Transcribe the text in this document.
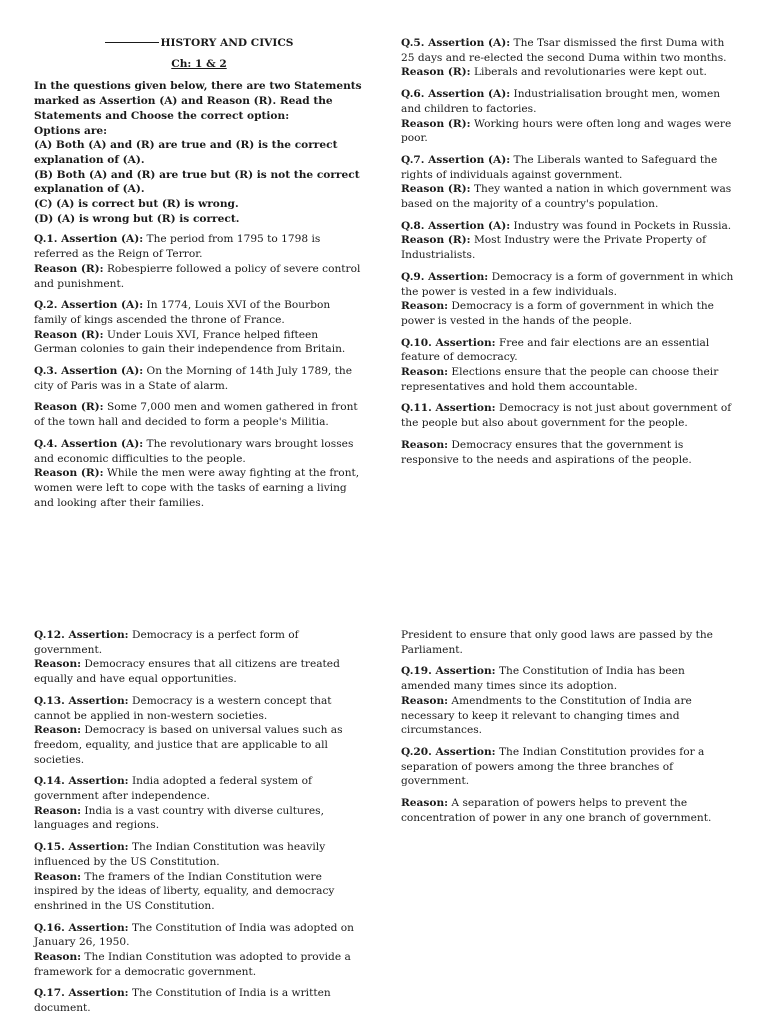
HISTORY AND CIVICS
Ch: 1 & 2
In the questions given below, there are two Statements marked as Assertion (A) and Reason (R). Read the Statements and Choose the correct option:
Options are:
(A) Both (A) and (R) are true and (R) is the correct explanation of (A).
(B) Both (A) and (R) are true but (R) is not the correct explanation of (A).
(C) (A) is correct but (R) is wrong.
(D) (A) is wrong but (R) is correct.
Q.1. Assertion (A): The period from 1795 to 1798 is referred as the Reign of Terror.
Reason (R): Robespierre followed a policy of severe control and punishment.
Q.2. Assertion (A): In 1774, Louis XVI of the Bourbon family of kings ascended the throne of France.
Reason (R): Under Louis XVI, France helped fifteen German colonies to gain their independence from Britain.
Q.3. Assertion (A): On the Morning of 14th July 1789, the city of Paris was in a State of alarm.
Reason (R): Some 7,000 men and women gathered in front of the town hall and decided to form a people's Militia.
Q.4. Assertion (A): The revolutionary wars brought losses and economic difficulties to the people.
Reason (R): While the men were away fighting at the front, women were left to cope with the tasks of earning a living and looking after their families.
Q.5. Assertion (A): The Tsar dismissed the first Duma with 25 days and re-elected the second Duma within two months.
Reason (R): Liberals and revolutionaries were kept out.
Q.6. Assertion (A): Industrialisation brought men, women and children to factories.
Reason (R): Working hours were often long and wages were poor.
Q.7. Assertion (A): The Liberals wanted to Safeguard the rights of individuals against government.
Reason (R): They wanted a nation in which government was based on the majority of a country's population.
Q.8. Assertion (A): Industry was found in Pockets in Russia.
Reason (R): Most Industry were the Private Property of Industrialists.
Q.9. Assertion: Democracy is a form of government in which the power is vested in a few individuals.
Reason: Democracy is a form of government in which the power is vested in the hands of the people.
Q.10. Assertion: Free and fair elections are an essential feature of democracy.
Reason: Elections ensure that the people can choose their representatives and hold them accountable.
Q.11. Assertion: Democracy is not just about government of the people but also about government for the people.
Reason: Democracy ensures that the government is responsive to the needs and aspirations of the people.
Q.12. Assertion: Democracy is a perfect form of government.
Reason: Democracy ensures that all citizens are treated equally and have equal opportunities.
Q.13. Assertion: Democracy is a western concept that cannot be applied in non-western societies.
Reason: Democracy is based on universal values such as freedom, equality, and justice that are applicable to all societies.
Q.14. Assertion: India adopted a federal system of government after independence.
Reason: India is a vast country with diverse cultures, languages and regions.
Q.15. Assertion: The Indian Constitution was heavily influenced by the US Constitution.
Reason: The framers of the Indian Constitution were inspired by the ideas of liberty, equality, and democracy enshrined in the US Constitution.
Q.16. Assertion: The Constitution of India was adopted on January 26, 1950.
Reason: The Indian Constitution was adopted to provide a framework for a democratic government.
Q.17. Assertion: The Constitution of India is a written document.
President to ensure that only good laws are passed by the Parliament.
Q.19. Assertion: The Constitution of India has been amended many times since its adoption.
Reason: Amendments to the Constitution of India are necessary to keep it relevant to changing times and circumstances.
Q.20. Assertion: The Indian Constitution provides for a separation of powers among the three branches of government.
Reason: A separation of powers helps to prevent the concentration of power in any one branch of government.
